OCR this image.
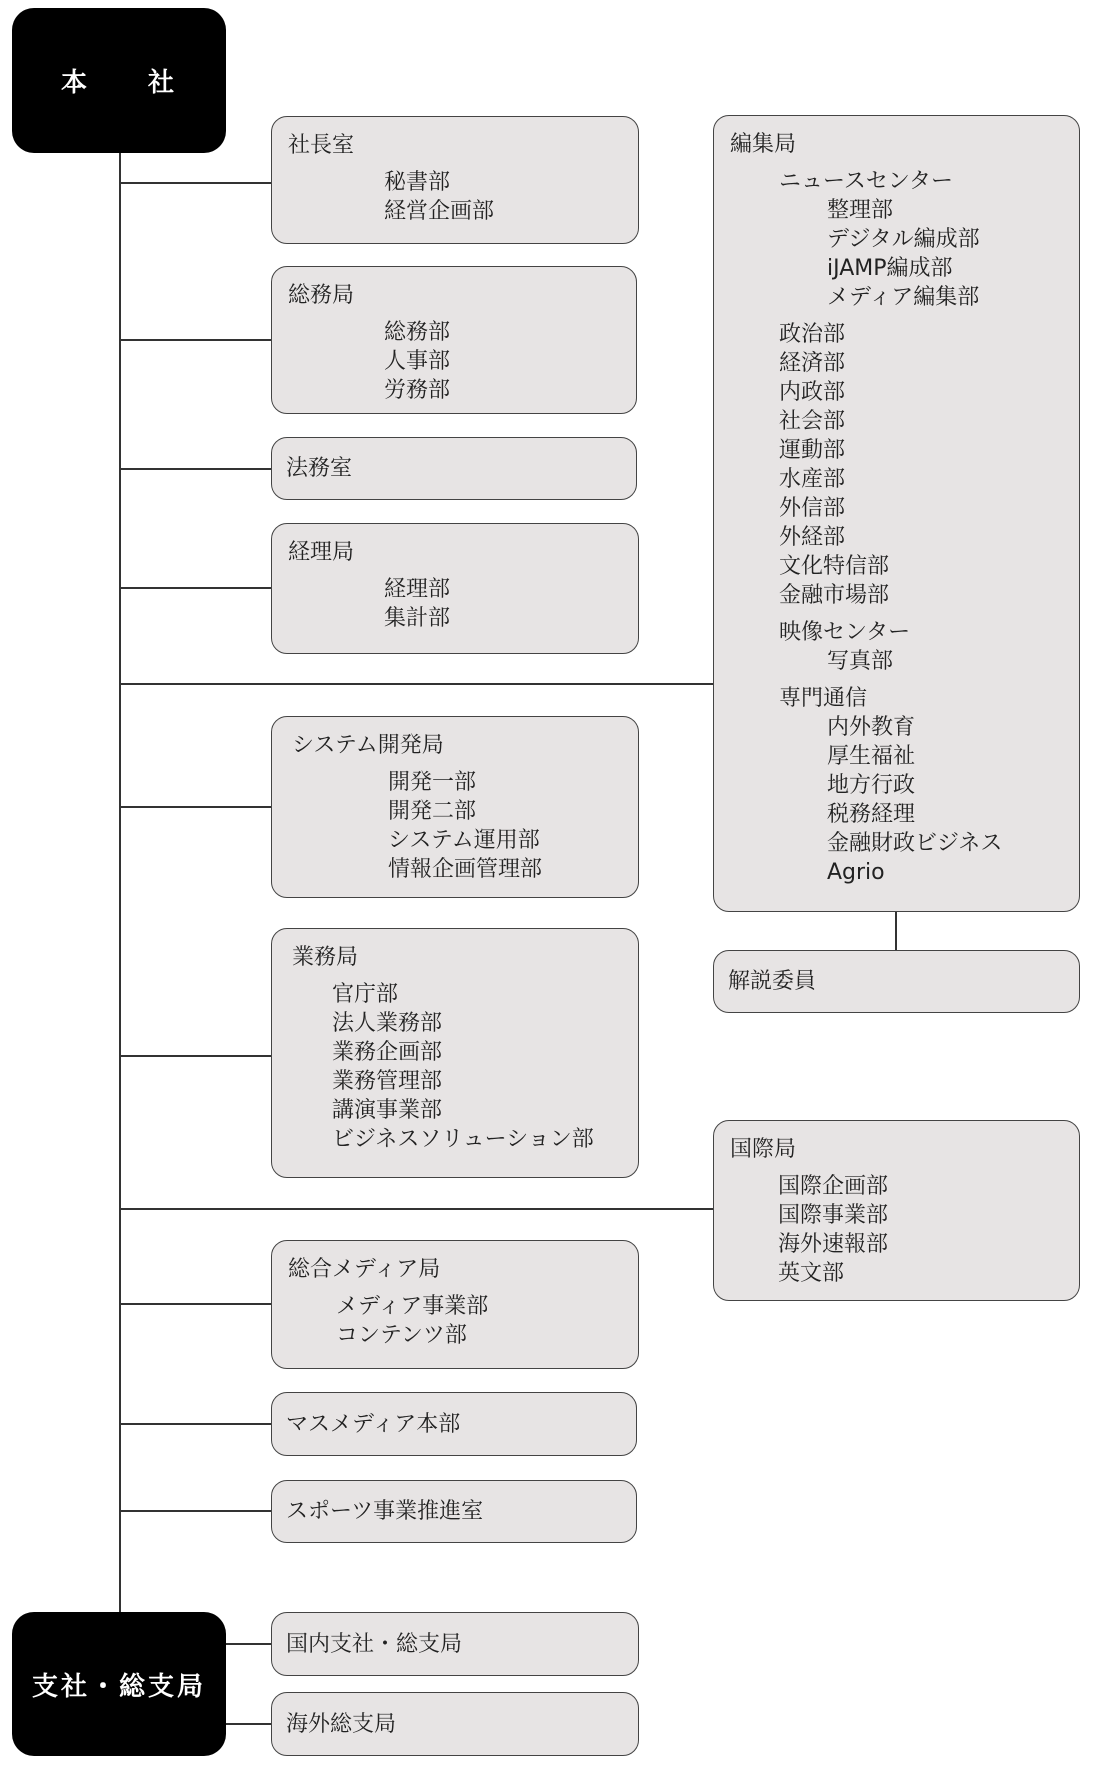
本　　社
支社・総支局
社長室
秘書部
経営企画部
総務局
総務部
人事部
労務部
法務室
経理局
経理部
集計部
システム開発局
開発一部
開発二部
システム運用部
情報企画管理部
業務局
官庁部
法人業務部
業務企画部
業務管理部
講演事業部
ビジネスソリューション部
総合メディア局
メディア事業部
コンテンツ部
マスメディア本部
スポーツ事業推進室
国内支社・総支局
海外総支局
編集局
ニュースセンター
整理部
デジタル編成部
iJAMP編成部
メディア編集部
政治部
経済部
内政部
社会部
運動部
水産部
外信部
外経部
文化特信部
金融市場部
映像センター
写真部
専門通信
内外教育
厚生福祉
地方行政
税務経理
金融財政ビジネス
Agrio
解説委員
国際局
国際企画部
国際事業部
海外速報部
英文部
